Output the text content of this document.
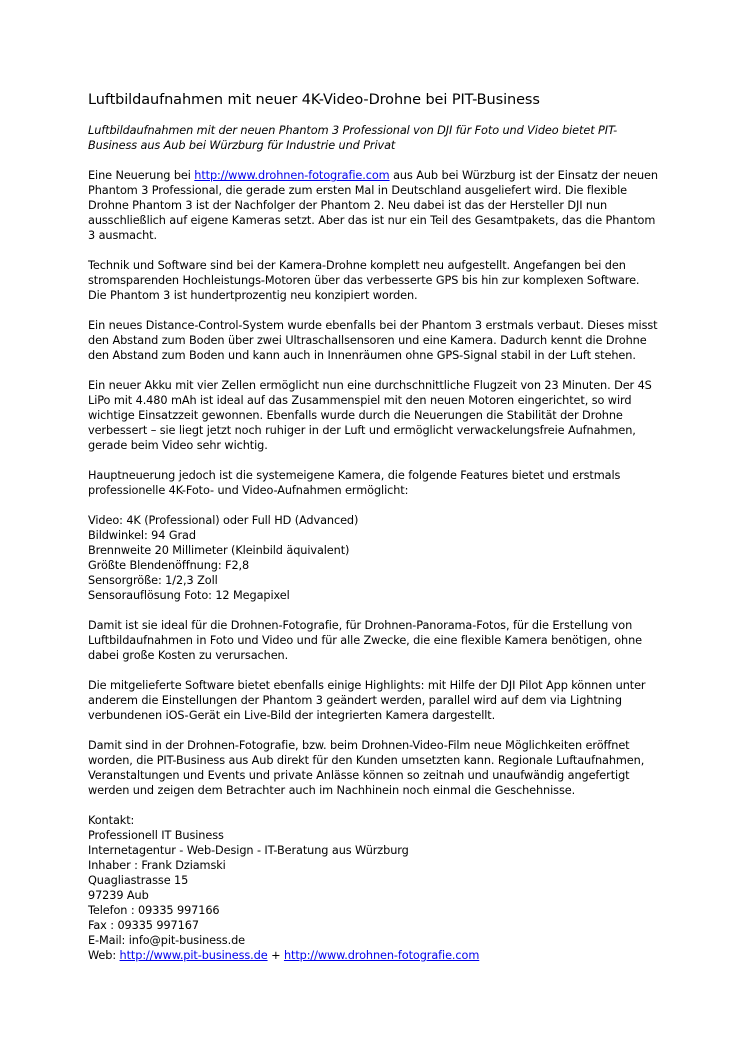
Luftbildaufnahmen mit neuer 4K-Video-Drohne bei PIT-Business

Luftbildaufnahmen mit der neuen Phantom 3 Professional von DJI für Foto und Video bietet PIT-Business aus Aub bei Würzburg für Industrie und Privat

Eine Neuerung bei http://www.drohnen-fotografie.com aus Aub bei Würzburg ist der Einsatz der neuen Phantom 3 Professional, die gerade zum ersten Mal in Deutschland ausgeliefert wird. Die flexible Drohne Phantom 3 ist der Nachfolger der Phantom 2. Neu dabei ist das der Hersteller DJI nun ausschließlich auf eigene Kameras setzt. Aber das ist nur ein Teil des Gesamtpakets, das die Phantom 3 ausmacht.

Technik und Software sind bei der Kamera-Drohne komplett neu aufgestellt. Angefangen bei den stromsparenden Hochleistungs-Motoren über das verbesserte GPS bis hin zur komplexen Software. Die Phantom 3 ist hundertprozentig neu konzipiert worden.

Ein neues Distance-Control-System wurde ebenfalls bei der Phantom 3 erstmals verbaut. Dieses misst den Abstand zum Boden über zwei Ultraschallsensoren und eine Kamera. Dadurch kennt die Drohne den Abstand zum Boden und kann auch in Innenräumen ohne GPS-Signal stabil in der Luft stehen.

Ein neuer Akku mit vier Zellen ermöglicht nun eine durchschnittliche Flugzeit von 23 Minuten. Der 4S LiPo mit 4.480 mAh ist ideal auf das Zusammenspiel mit den neuen Motoren eingerichtet, so wird wichtige Einsatzzeit gewonnen. Ebenfalls wurde durch die Neuerungen die Stabilität der Drohne verbessert – sie liegt jetzt noch ruhiger in der Luft und ermöglicht verwackelungsfreie Aufnahmen, gerade beim Video sehr wichtig.

Hauptneuerung jedoch ist die systemeigene Kamera, die folgende Features bietet und erstmals professionelle 4K-Foto- und Video-Aufnahmen ermöglicht:

Video: 4K (Professional) oder Full HD (Advanced)
Bildwinkel: 94 Grad
Brennweite 20 Millimeter (Kleinbild äquivalent)
Größte Blendenöffnung: F2,8
Sensorgröße: 1/2,3 Zoll
Sensorauflösung Foto: 12 Megapixel

Damit ist sie ideal für die Drohnen-Fotografie, für Drohnen-Panorama-Fotos, für die Erstellung von Luftbildaufnahmen in Foto und Video und für alle Zwecke, die eine flexible Kamera benötigen, ohne dabei große Kosten zu verursachen.

Die mitgelieferte Software bietet ebenfalls einige Highlights: mit Hilfe der DJI Pilot App können unter anderem die Einstellungen der Phantom 3 geändert werden, parallel wird auf dem via Lightning verbundenen iOS-Gerät ein Live-Bild der integrierten Kamera dargestellt.

Damit sind in der Drohnen-Fotografie, bzw. beim Drohnen-Video-Film neue Möglichkeiten eröffnet worden, die PIT-Business aus Aub direkt für den Kunden umsetzten kann. Regionale Luftaufnahmen, Veranstaltungen und Events und private Anlässe können so zeitnah und unaufwändig angefertigt werden und zeigen dem Betrachter auch im Nachhinein noch einmal die Geschehnisse.

Kontakt:
Professionell IT Business
Internetagentur - Web-Design - IT-Beratung aus Würzburg
Inhaber : Frank Dziamski
Quagliastrasse 15
97239 Aub
Telefon : 09335 997166
Fax : 09335 997167
E-Mail: info@pit-business.de
Web: http://www.pit-business.de + http://www.drohnen-fotografie.com
